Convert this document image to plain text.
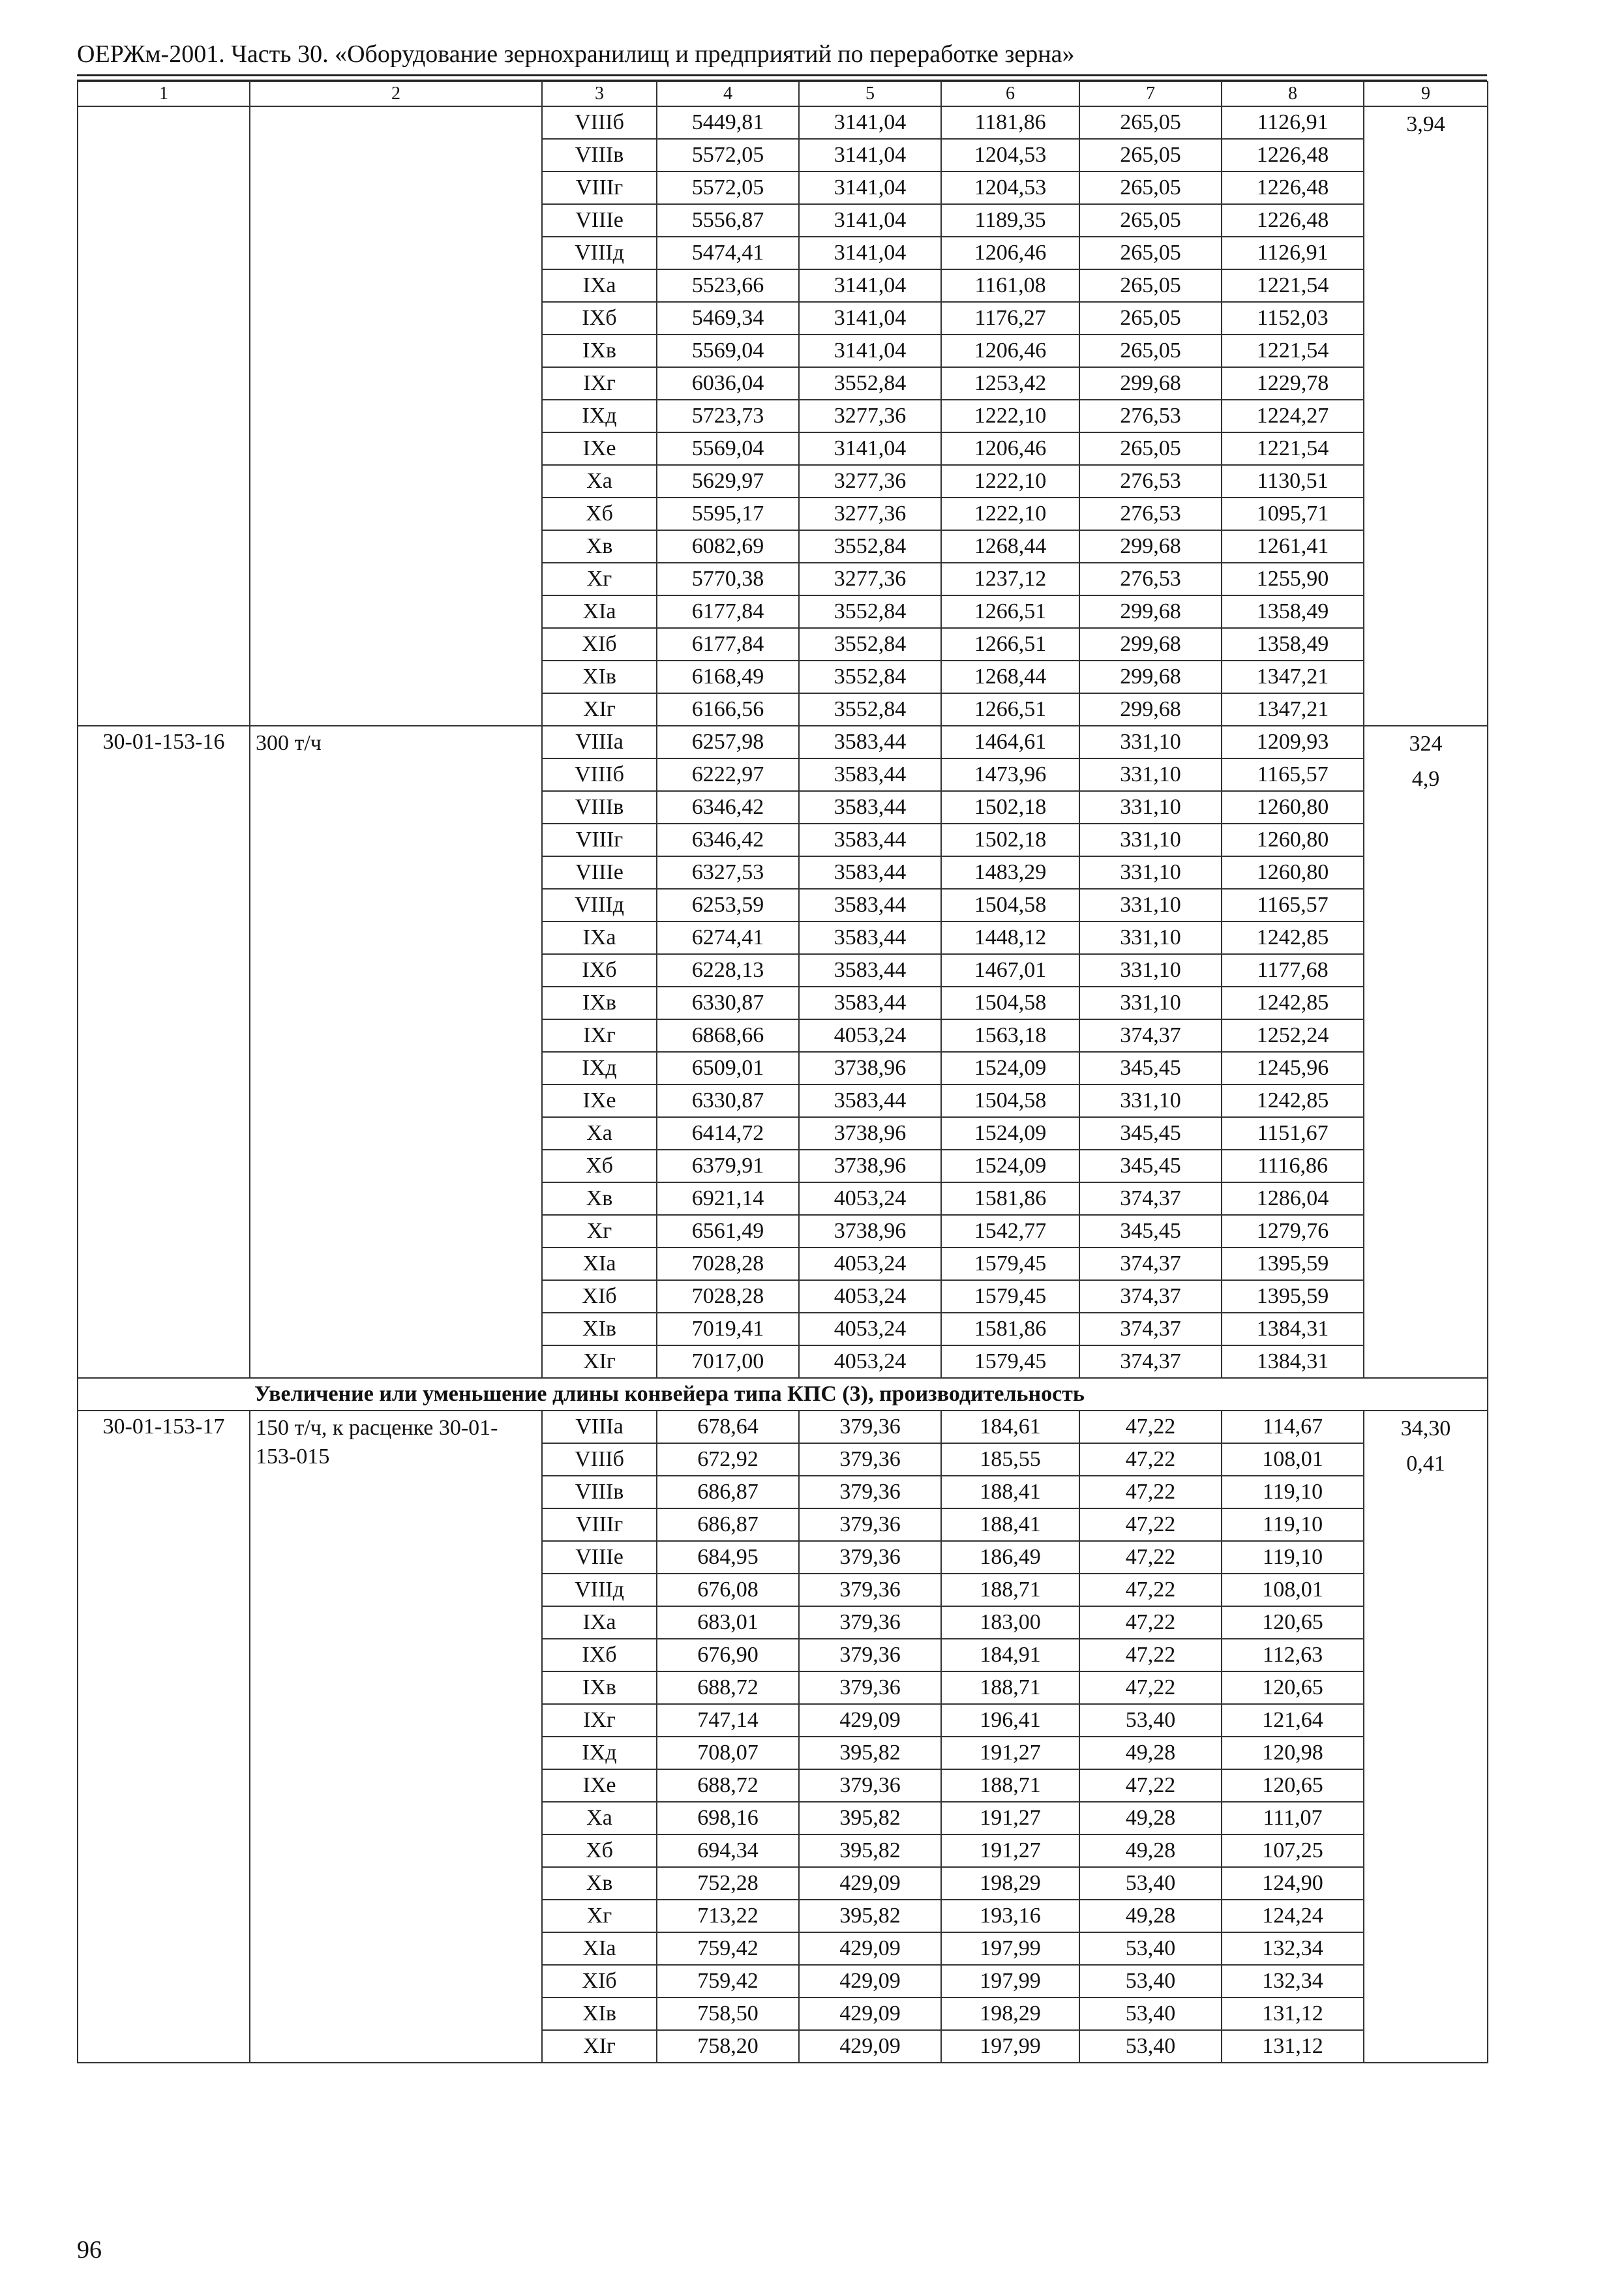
ОЕРЖм-2001. Часть 30. «Оборудование зернохранилищ и предприятий по переработке зерна»
1	2	3	4	5	6	7	8	9
		VIIIб	5449,81	3141,04	1181,86	265,05	1126,91	3,94

		VIIIв	5572,05	3141,04	1204,53	265,05	1226,48	
		VIIIг	5572,05	3141,04	1204,53	265,05	1226,48	
		VIIIе	5556,87	3141,04	1189,35	265,05	1226,48	
		VIIIд	5474,41	3141,04	1206,46	265,05	1126,91	
		IXа	5523,66	3141,04	1161,08	265,05	1221,54	
		IXб	5469,34	3141,04	1176,27	265,05	1152,03	
		IXв	5569,04	3141,04	1206,46	265,05	1221,54	
		IXг	6036,04	3552,84	1253,42	299,68	1229,78	
		IXд	5723,73	3277,36	1222,10	276,53	1224,27	
		IXе	5569,04	3141,04	1206,46	265,05	1221,54	
		Xа	5629,97	3277,36	1222,10	276,53	1130,51	
		Xб	5595,17	3277,36	1222,10	276,53	1095,71	
		Xв	6082,69	3552,84	1268,44	299,68	1261,41	
		Xг	5770,38	3277,36	1237,12	276,53	1255,90	
		XIа	6177,84	3552,84	1266,51	299,68	1358,49	
		XIб	6177,84	3552,84	1266,51	299,68	1358,49	
		XIв	6168,49	3552,84	1268,44	299,68	1347,21	
		XIг	6166,56	3552,84	1266,51	299,68	1347,21	
30-01-153-16	300 т/ч	VIIIа	6257,98	3583,44	1464,61	331,10	1209,93	324
4,9

		VIIIб	6222,97	3583,44	1473,96	331,10	1165,57	
		VIIIв	6346,42	3583,44	1502,18	331,10	1260,80	
		VIIIг	6346,42	3583,44	1502,18	331,10	1260,80	
		VIIIе	6327,53	3583,44	1483,29	331,10	1260,80	
		VIIIд	6253,59	3583,44	1504,58	331,10	1165,57	
		IXа	6274,41	3583,44	1448,12	331,10	1242,85	
		IXб	6228,13	3583,44	1467,01	331,10	1177,68	
		IXв	6330,87	3583,44	1504,58	331,10	1242,85	
		IXг	6868,66	4053,24	1563,18	374,37	1252,24	
		IXд	6509,01	3738,96	1524,09	345,45	1245,96	
		IXе	6330,87	3583,44	1504,58	331,10	1242,85	
		Xа	6414,72	3738,96	1524,09	345,45	1151,67	
		Xб	6379,91	3738,96	1524,09	345,45	1116,86	
		Xв	6921,14	4053,24	1581,86	374,37	1286,04	
		Xг	6561,49	3738,96	1542,77	345,45	1279,76	
		XIа	7028,28	4053,24	1579,45	374,37	1395,59	
		XIб	7028,28	4053,24	1579,45	374,37	1395,59	
		XIв	7019,41	4053,24	1581,86	374,37	1384,31	
		XIг	7017,00	4053,24	1579,45	374,37	1384,31	
Увеличение или уменьшение длины конвейера типа КПС (3), производительность								
30-01-153-17	150 т/ч, к расценке 30-01-153-015	VIIIа	678,64	379,36	184,61	47,22	114,67	34,30
0,41

		VIIIб	672,92	379,36	185,55	47,22	108,01	
		VIIIв	686,87	379,36	188,41	47,22	119,10	
		VIIIг	686,87	379,36	188,41	47,22	119,10	
		VIIIе	684,95	379,36	186,49	47,22	119,10	
		VIIIд	676,08	379,36	188,71	47,22	108,01	
		IXа	683,01	379,36	183,00	47,22	120,65	
		IXб	676,90	379,36	184,91	47,22	112,63	
		IXв	688,72	379,36	188,71	47,22	120,65	
		IXг	747,14	429,09	196,41	53,40	121,64	
		IXд	708,07	395,82	191,27	49,28	120,98	
		IXе	688,72	379,36	188,71	47,22	120,65	
		Xа	698,16	395,82	191,27	49,28	111,07	
		Xб	694,34	395,82	191,27	49,28	107,25	
		Xв	752,28	429,09	198,29	53,40	124,90	
		Xг	713,22	395,82	193,16	49,28	124,24	
		XIа	759,42	429,09	197,99	53,40	132,34	
		XIб	759,42	429,09	197,99	53,40	132,34	
		XIв	758,50	429,09	198,29	53,40	131,12	
		XIг	758,20	429,09	197,99	53,40	131,12	
96
